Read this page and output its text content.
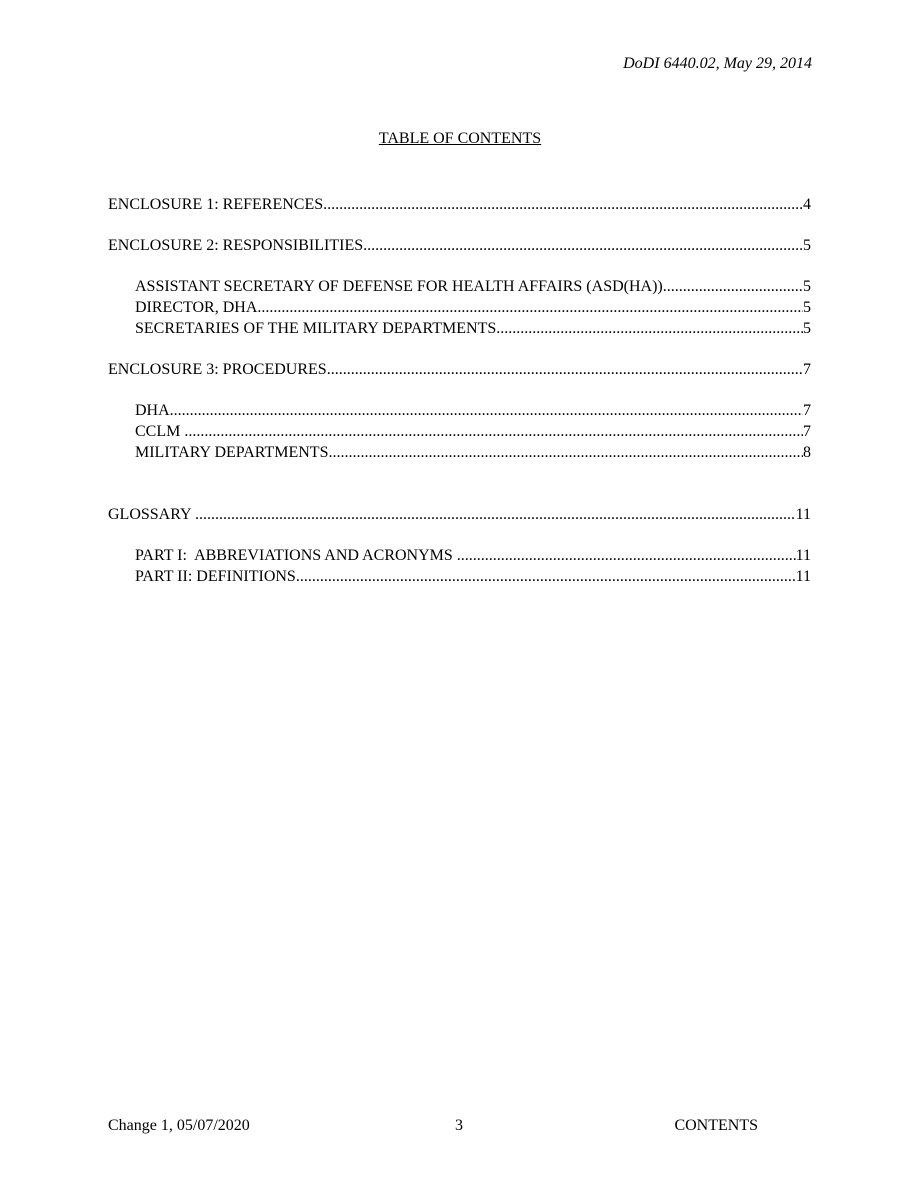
DoDI 6440.02, May 29, 2014
TABLE OF CONTENTS
ENCLOSURE 1: REFERENCES .....	4
ENCLOSURE 2: RESPONSIBILITIES .....	5
ASSISTANT SECRETARY OF DEFENSE FOR HEALTH AFFAIRS (ASD(HA)) .....	5
DIRECTOR, DHA .....	5
SECRETARIES OF THE MILITARY DEPARTMENTS .....	5
ENCLOSURE 3: PROCEDURES .....	7
DHA .....	7
CCLM .....	7
MILITARY DEPARTMENTS .....	8
GLOSSARY .....	11
PART I:  ABBREVIATIONS AND ACRONYMS .....	11
PART II: DEFINITIONS .....	11
Change 1, 05/07/2020	3	CONTENTS
